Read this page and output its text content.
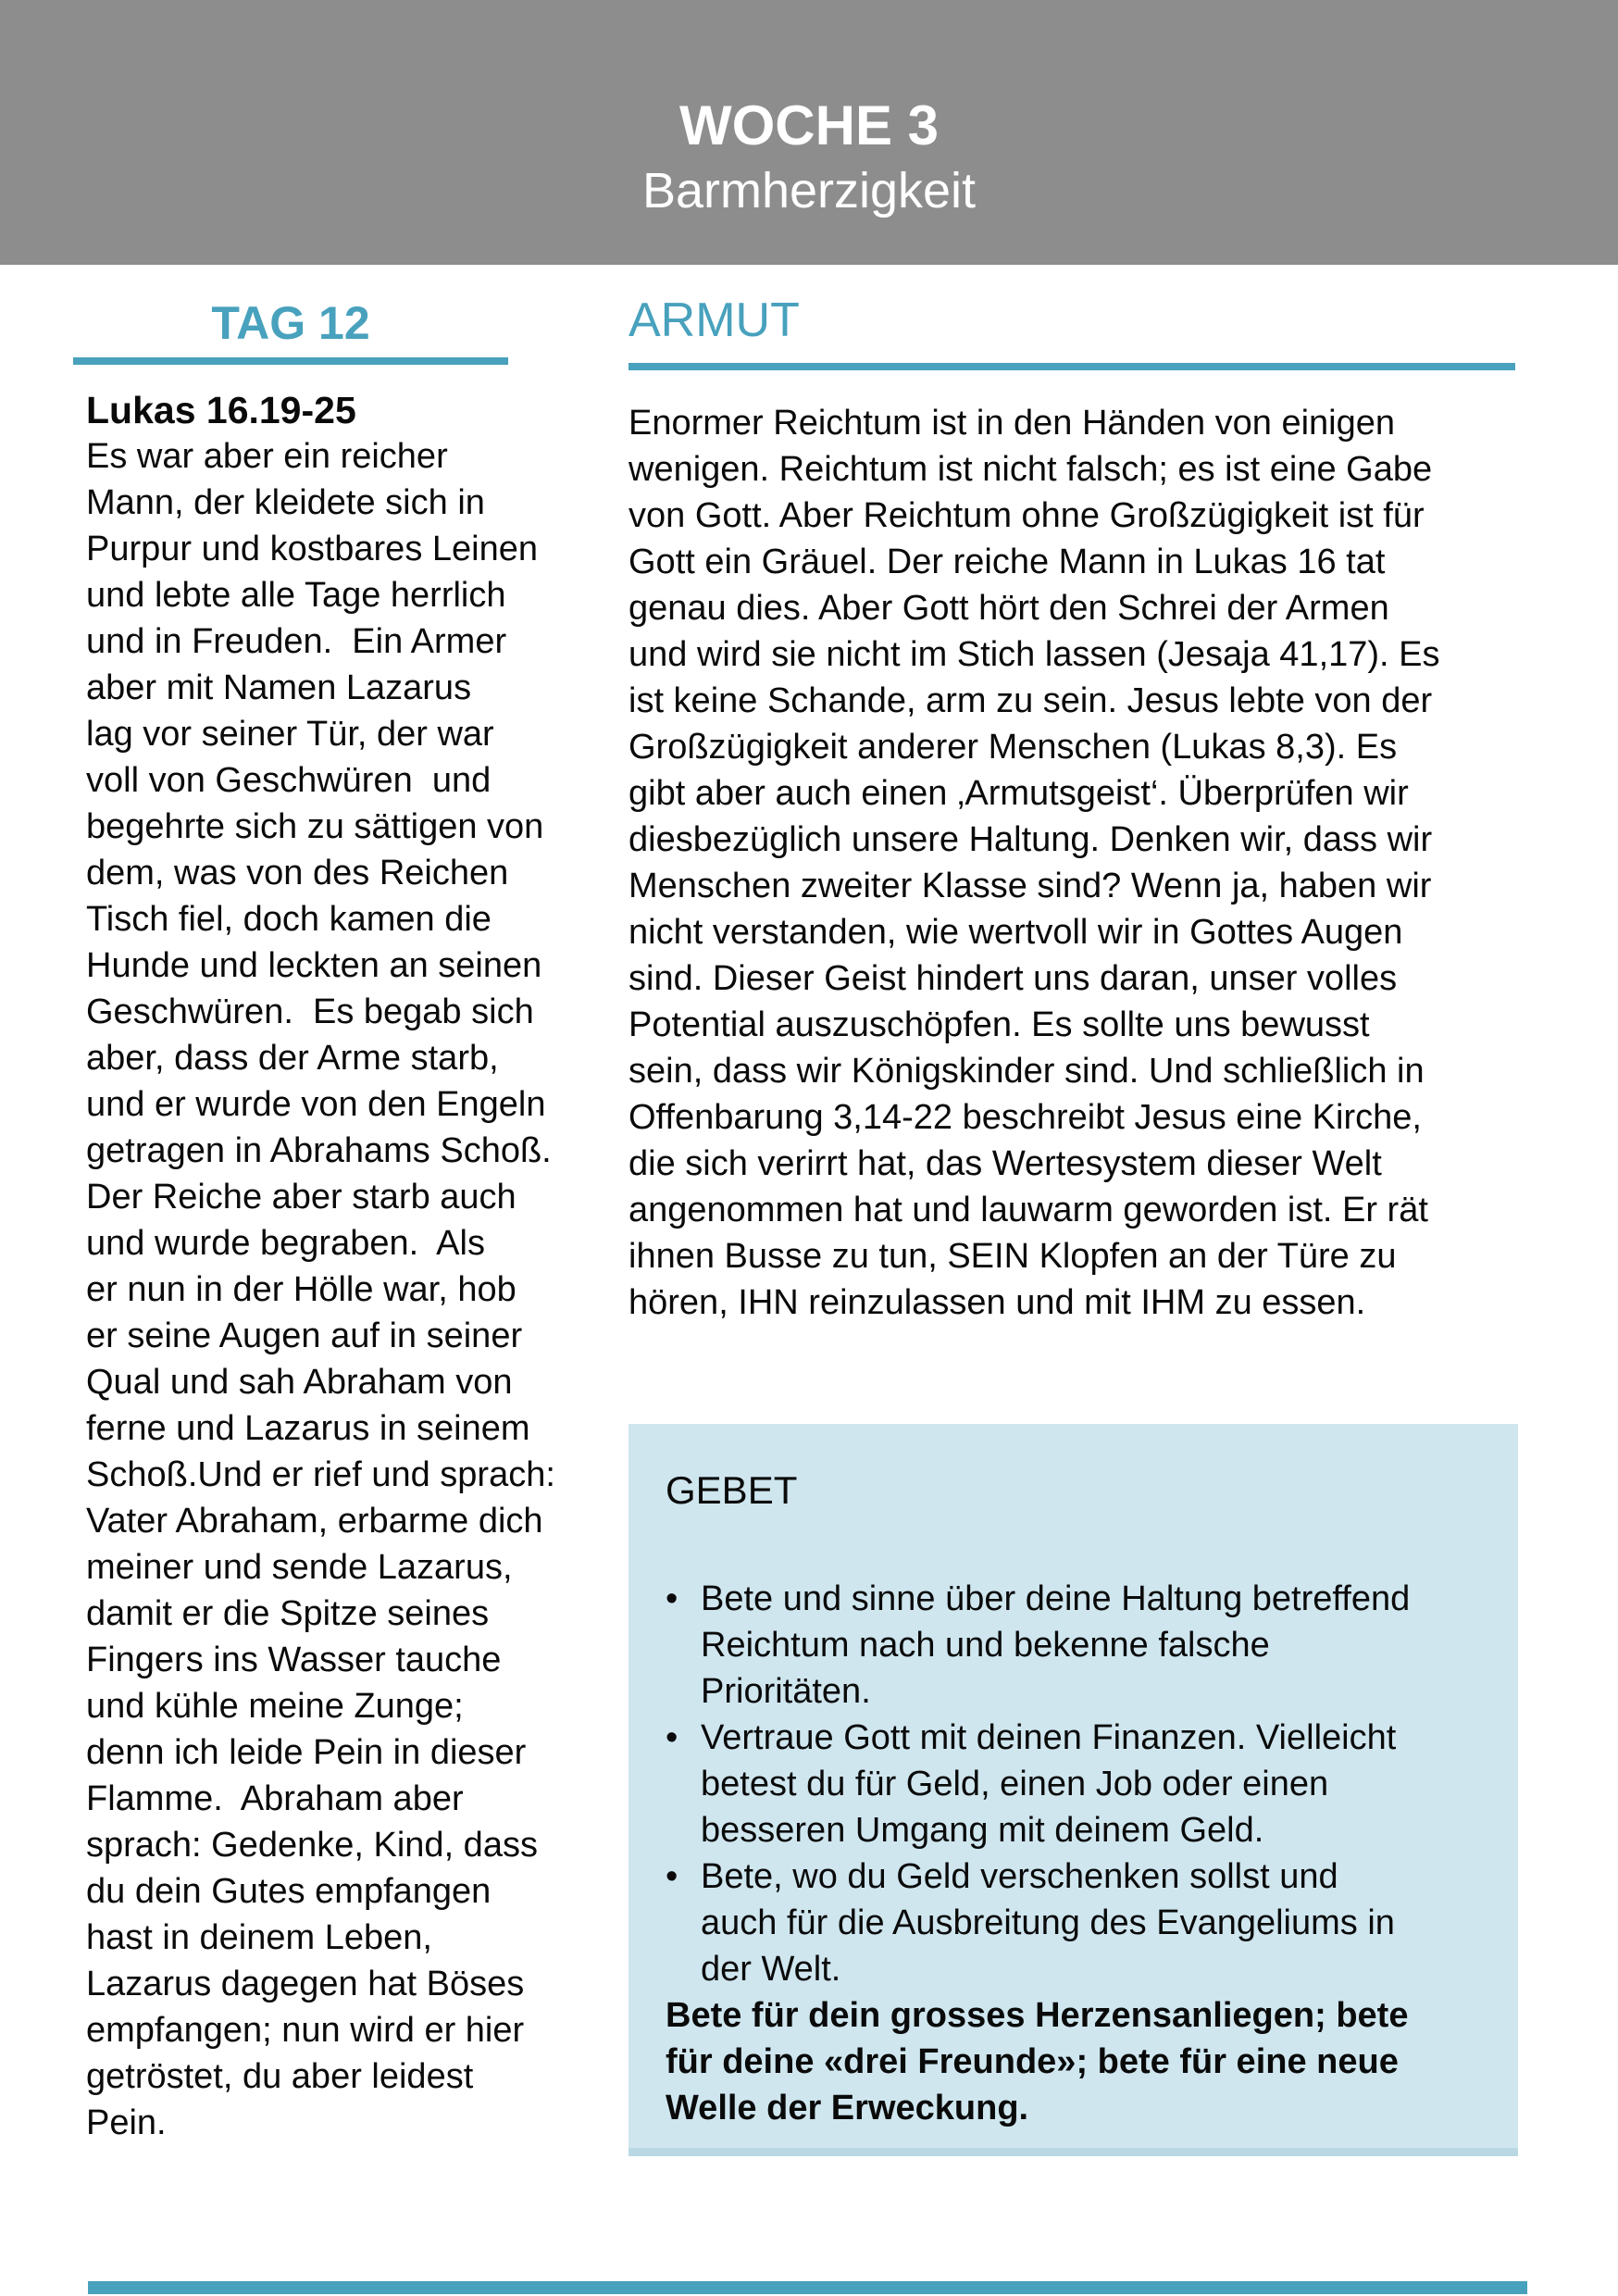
WOCHE 3
Barmherzigkeit
TAG 12
Lukas 16.19-25
Es war aber ein reicher
Mann, der kleidete sich in
Purpur und kostbares Leinen
und lebte alle Tage herrlich
und in Freuden.  Ein Armer
aber mit Namen Lazarus
lag vor seiner Tür, der war
voll von Geschwüren  und
begehrte sich zu sättigen von
dem, was von des Reichen
Tisch fiel, doch kamen die
Hunde und leckten an seinen
Geschwüren.  Es begab sich
aber, dass der Arme starb,
und er wurde von den Engeln
getragen in Abrahams Schoß.
Der Reiche aber starb auch
und wurde begraben.  Als
er nun in der Hölle war, hob
er seine Augen auf in seiner
Qual und sah Abraham von
ferne und Lazarus in seinem
Schoß.Und er rief und sprach:
Vater Abraham, erbarme dich
meiner und sende Lazarus,
damit er die Spitze seines
Fingers ins Wasser tauche
und kühle meine Zunge;
denn ich leide Pein in dieser
Flamme.  Abraham aber
sprach: Gedenke, Kind, dass
du dein Gutes empfangen
hast in deinem Leben,
Lazarus dagegen hat Böses
empfangen; nun wird er hier
getröstet, du aber leidest
Pein.
ARMUT
Enormer Reichtum ist in den Händen von einigen
wenigen. Reichtum ist nicht falsch; es ist eine Gabe
von Gott. Aber Reichtum ohne Großzügigkeit ist für
Gott ein Gräuel. Der reiche Mann in Lukas 16 tat
genau dies. Aber Gott hört den Schrei der Armen
und wird sie nicht im Stich lassen (Jesaja 41,17). Es
ist keine Schande, arm zu sein. Jesus lebte von der
Großzügigkeit anderer Menschen (Lukas 8,3). Es
gibt aber auch einen ‚Armutsgeist‘. Überprüfen wir
diesbezüglich unsere Haltung. Denken wir, dass wir
Menschen zweiter Klasse sind? Wenn ja, haben wir
nicht verstanden, wie wertvoll wir in Gottes Augen
sind. Dieser Geist hindert uns daran, unser volles
Potential auszuschöpfen. Es sollte uns bewusst
sein, dass wir Königskinder sind. Und schließlich in
Offenbarung 3,14-22 beschreibt Jesus eine Kirche,
die sich verirrt hat, das Wertesystem dieser Welt
angenommen hat und lauwarm geworden ist. Er rät
ihnen Busse zu tun, SEIN Klopfen an der Türe zu
hören, IHN reinzulassen und mit IHM zu essen.
GEBET
• Bete und sinne über deine Haltung betreffend
Reichtum nach und bekenne falsche
Prioritäten.
• Vertraue Gott mit deinen Finanzen. Vielleicht
betest du für Geld, einen Job oder einen
besseren Umgang mit deinem Geld.
• Bete, wo du Geld verschenken sollst und
auch für die Ausbreitung des Evangeliums in
der Welt.
Bete für dein grosses Herzensanliegen; bete
für deine «drei Freunde»; bete für eine neue
Welle der Erweckung.
